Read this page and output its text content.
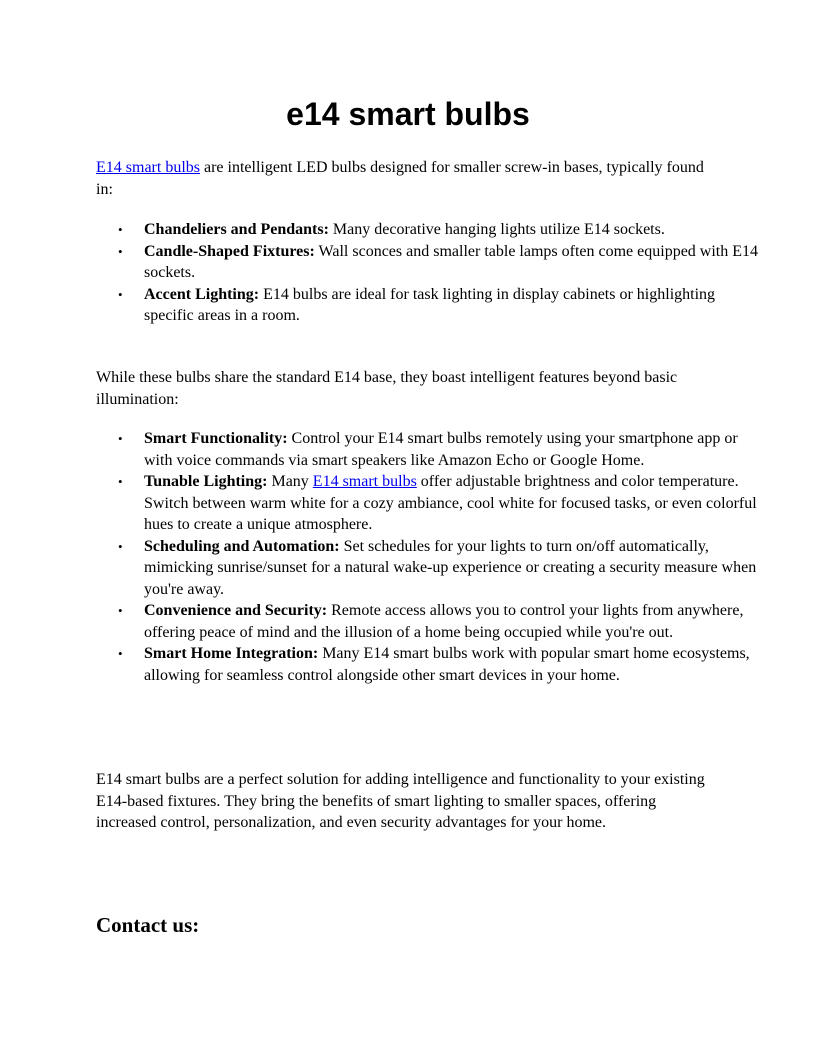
e14 smart bulbs

E14 smart bulbs are intelligent LED bulbs designed for smaller screw-in bases, typically found in:

• Chandeliers and Pendants: Many decorative hanging lights utilize E14 sockets.
• Candle-Shaped Fixtures: Wall sconces and smaller table lamps often come equipped with E14 sockets.
• Accent Lighting: E14 bulbs are ideal for task lighting in display cabinets or highlighting specific areas in a room.

While these bulbs share the standard E14 base, they boast intelligent features beyond basic illumination:

• Smart Functionality: Control your E14 smart bulbs remotely using your smartphone app or with voice commands via smart speakers like Amazon Echo or Google Home.
• Tunable Lighting: Many E14 smart bulbs offer adjustable brightness and color temperature. Switch between warm white for a cozy ambiance, cool white for focused tasks, or even colorful hues to create a unique atmosphere.
• Scheduling and Automation: Set schedules for your lights to turn on/off automatically, mimicking sunrise/sunset for a natural wake-up experience or creating a security measure when you're away.
• Convenience and Security: Remote access allows you to control your lights from anywhere, offering peace of mind and the illusion of a home being occupied while you're out.
• Smart Home Integration: Many E14 smart bulbs work with popular smart home ecosystems, allowing for seamless control alongside other smart devices in your home.

E14 smart bulbs are a perfect solution for adding intelligence and functionality to your existing E14-based fixtures. They bring the benefits of smart lighting to smaller spaces, offering increased control, personalization, and even security advantages for your home.

Contact us:
